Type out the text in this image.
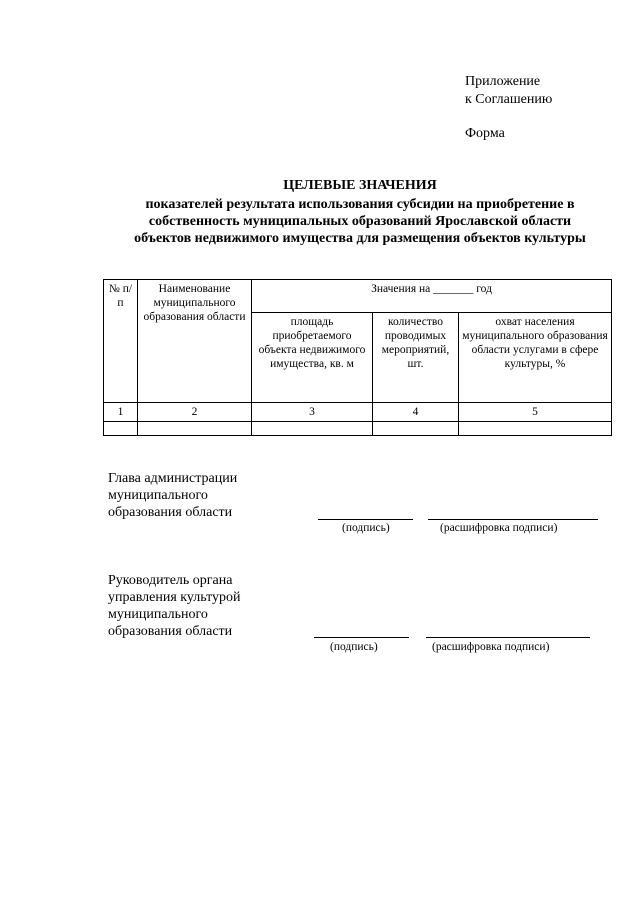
Приложение
к Соглашению
Форма
ЦЕЛЕВЫЕ ЗНАЧЕНИЯ
показателей результата использования субсидии на приобретение в собственность муниципальных образований Ярославской области объектов недвижимого имущества для размещения объектов культуры
№ п/п	Наименование муниципального образования области	Значения на _______ год		
		площадь приобретаемого объекта недвижимого имущества, кв. м	количество проводимых мероприятий, шт.	охват населения муниципального образования области услугами в сфере культуры, %
1	2	3	4	5

Глава администрации муниципального образования области
(подпись)	(расшифровка подписи)
Руководитель органа управления культурой муниципального образования области
(подпись)	(расшифровка подписи)
